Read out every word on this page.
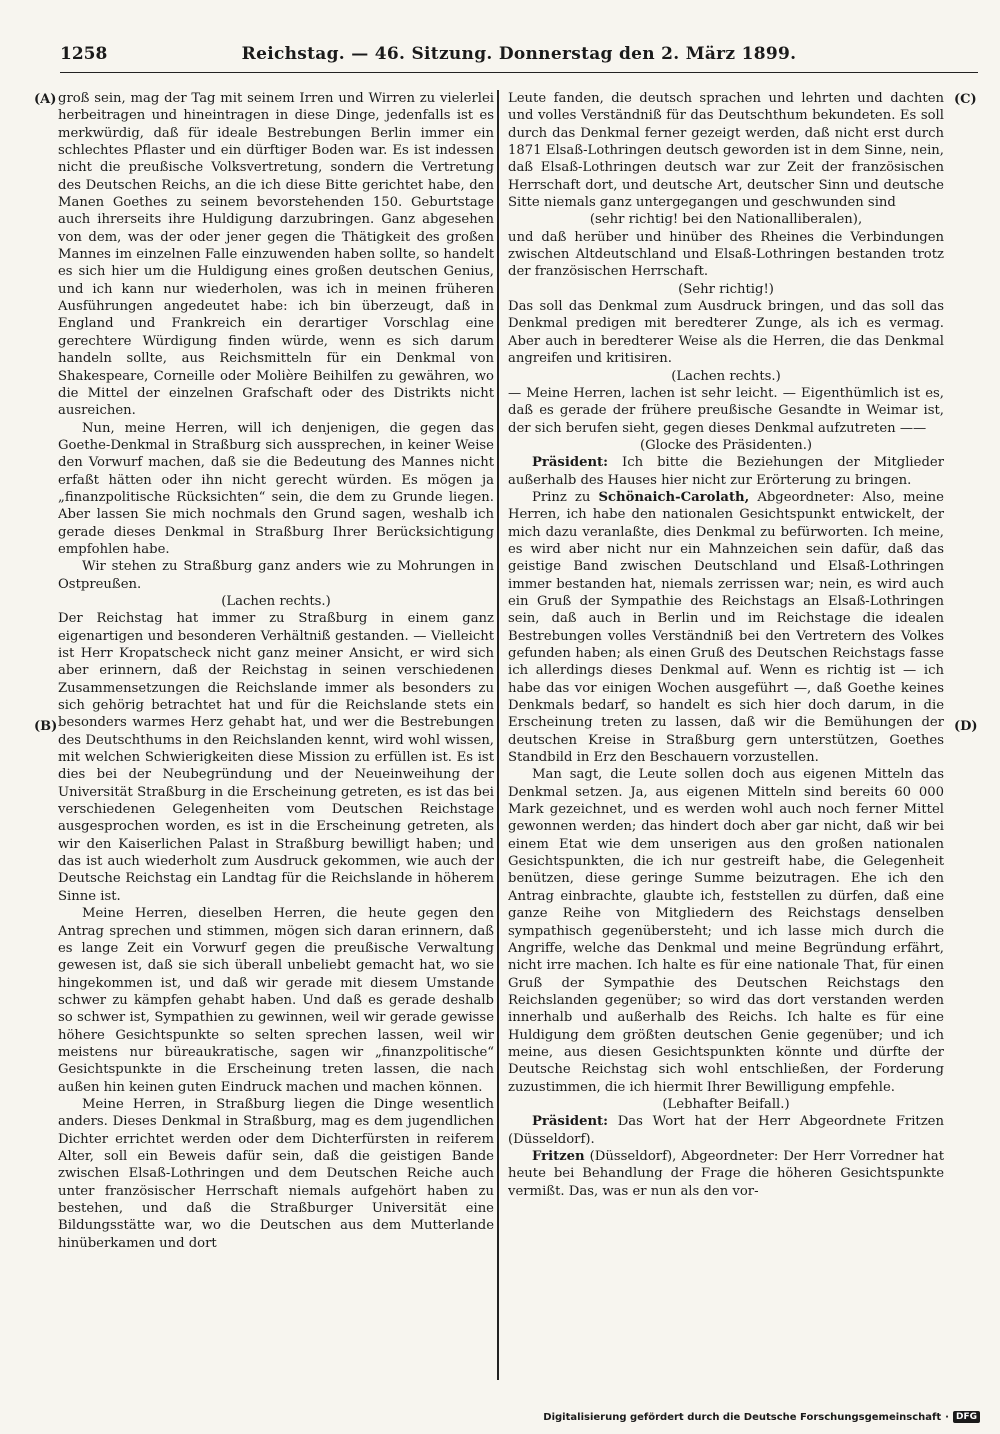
1258	Reichstag. — 46. Sitzung. Donnerstag den 2. März 1899.
(A)
(B)
(C)
(D)

groß sein, mag der Tag mit seinem Irren und Wirren zu vielerlei herbeitragen und hineintragen in diese Dinge, jedenfalls ist es merkwürdig, daß für ideale Bestrebungen Berlin immer ein schlechtes Pflaster und ein dürftiger Boden war. Es ist indessen nicht die preußische Volksvertretung, sondern die Vertretung des Deutschen Reichs, an die ich diese Bitte gerichtet habe, den Manen Goethes zu seinem bevorstehenden 150. Geburtstage auch ihrerseits ihre Huldigung darzubringen. Ganz abgesehen von dem, was der oder jener gegen die Thätigkeit des großen Mannes im einzelnen Falle einzuwenden haben sollte, so handelt es sich hier um die Huldigung eines großen deutschen Genius, und ich kann nur wiederholen, was ich in meinen früheren Ausführungen angedeutet habe: ich bin überzeugt, daß in England und Frankreich ein derartiger Vorschlag eine gerechtere Würdigung finden würde, wenn es sich darum handeln sollte, aus Reichsmitteln für ein Denkmal von Shakespeare, Corneille oder Molière Beihilfen zu gewähren, wo die Mittel der einzelnen Grafschaft oder des Distrikts nicht ausreichen.

Nun, meine Herren, will ich denjenigen, die gegen das Goethe-Denkmal in Straßburg sich aussprechen, in keiner Weise den Vorwurf machen, daß sie die Bedeutung des Mannes nicht erfaßt hätten oder ihn nicht gerecht würden. Es mögen ja „finanzpolitische Rücksichten“ sein, die dem zu Grunde liegen. Aber lassen Sie mich nochmals den Grund sagen, weshalb ich gerade dieses Denkmal in Straßburg Ihrer Berücksichtigung empfohlen habe.

Wir stehen zu Straßburg ganz anders wie zu Mohrungen in Ostpreußen.

(Lachen rechts.)

Der Reichstag hat immer zu Straßburg in einem ganz eigenartigen und besonderen Verhältniß gestanden. — Vielleicht ist Herr Kropatscheck nicht ganz meiner Ansicht, er wird sich aber erinnern, daß der Reichstag in seinen verschiedenen Zusammensetzungen die Reichslande immer als besonders zu sich gehörig betrachtet hat und für die Reichslande stets ein besonders warmes Herz gehabt hat, und wer die Bestrebungen des Deutschthums in den Reichslanden kennt, wird wohl wissen, mit welchen Schwierigkeiten diese Mission zu erfüllen ist. Es ist dies bei der Neubegründung und der Neueinweihung der Universität Straßburg in die Erscheinung getreten, es ist das bei verschiedenen Gelegenheiten vom Deutschen Reichstage ausgesprochen worden, es ist in die Erscheinung getreten, als wir den Kaiserlichen Palast in Straßburg bewilligt haben; und das ist auch wiederholt zum Ausdruck gekommen, wie auch der Deutsche Reichstag ein Landtag für die Reichslande in höherem Sinne ist.

Meine Herren, dieselben Herren, die heute gegen den Antrag sprechen und stimmen, mögen sich daran erinnern, daß es lange Zeit ein Vorwurf gegen die preußische Verwaltung gewesen ist, daß sie sich überall unbeliebt gemacht hat, wo sie hingekommen ist, und daß wir gerade mit diesem Umstande schwer zu kämpfen gehabt haben. Und daß es gerade deshalb so schwer ist, Sympathien zu gewinnen, weil wir gerade gewisse höhere Gesichtspunkte so selten sprechen lassen, weil wir meistens nur büreaukratische, sagen wir „finanzpolitische“ Gesichtspunkte in die Erscheinung treten lassen, die nach außen hin keinen guten Eindruck machen und machen können.

Meine Herren, in Straßburg liegen die Dinge wesentlich anders. Dieses Denkmal in Straßburg, mag es dem jugendlichen Dichter errichtet werden oder dem Dichterfürsten in reiferem Alter, soll ein Beweis dafür sein, daß die geistigen Bande zwischen Elsaß-Lothringen und dem Deutschen Reiche auch unter französischer Herrschaft niemals aufgehört haben zu bestehen, und daß die Straßburger Universität eine Bildungsstätte war, wo die Deutschen aus dem Mutterlande hinüberkamen und dort

Leute fanden, die deutsch sprachen und lehrten und dachten und volles Verständniß für das Deutschthum bekundeten. Es soll durch das Denkmal ferner gezeigt werden, daß nicht erst durch 1871 Elsaß-Lothringen deutsch geworden ist in dem Sinne, nein, daß Elsaß-Lothringen deutsch war zur Zeit der französischen Herrschaft dort, und deutsche Art, deutscher Sinn und deutsche Sitte niemals ganz untergegangen und geschwunden sind

(sehr richtig! bei den Nationalliberalen),

und daß herüber und hinüber des Rheines die Verbindungen zwischen Altdeutschland und Elsaß-Lothringen bestanden trotz der französischen Herrschaft.

(Sehr richtig!)

Das soll das Denkmal zum Ausdruck bringen, und das soll das Denkmal predigen mit beredterer Zunge, als ich es vermag. Aber auch in beredterer Weise als die Herren, die das Denkmal angreifen und kritisiren.

(Lachen rechts.)

— Meine Herren, lachen ist sehr leicht. — Eigenthümlich ist es, daß es gerade der frühere preußische Gesandte in Weimar ist, der sich berufen sieht, gegen dieses Denkmal aufzutreten ——

(Glocke des Präsidenten.)

Präsident: Ich bitte die Beziehungen der Mitglieder außerhalb des Hauses hier nicht zur Erörterung zu bringen.

Prinz zu Schönaich-Carolath, Abgeordneter: Also, meine Herren, ich habe den nationalen Gesichtspunkt entwickelt, der mich dazu veranlaßte, dies Denkmal zu befürworten. Ich meine, es wird aber nicht nur ein Mahnzeichen sein dafür, daß das geistige Band zwischen Deutschland und Elsaß-Lothringen immer bestanden hat, niemals zerrissen war; nein, es wird auch ein Gruß der Sympathie des Reichstags an Elsaß-Lothringen sein, daß auch in Berlin und im Reichstage die idealen Bestrebungen volles Verständniß bei den Vertretern des Volkes gefunden haben; als einen Gruß des Deutschen Reichstags fasse ich allerdings dieses Denkmal auf. Wenn es richtig ist — ich habe das vor einigen Wochen ausgeführt —, daß Goethe keines Denkmals bedarf, so handelt es sich hier doch darum, in die Erscheinung treten zu lassen, daß wir die Bemühungen der deutschen Kreise in Straßburg gern unterstützen, Goethes Standbild in Erz den Beschauern vorzustellen.

Man sagt, die Leute sollen doch aus eigenen Mitteln das Denkmal setzen. Ja, aus eigenen Mitteln sind bereits 60 000 Mark gezeichnet, und es werden wohl auch noch ferner Mittel gewonnen werden; das hindert doch aber gar nicht, daß wir bei einem Etat wie dem unserigen aus den großen nationalen Gesichtspunkten, die ich nur gestreift habe, die Gelegenheit benützen, diese geringe Summe beizutragen. Ehe ich den Antrag einbrachte, glaubte ich, feststellen zu dürfen, daß eine ganze Reihe von Mitgliedern des Reichstags denselben sympathisch gegenübersteht; und ich lasse mich durch die Angriffe, welche das Denkmal und meine Begründung erfährt, nicht irre machen. Ich halte es für eine nationale That, für einen Gruß der Sympathie des Deutschen Reichstags den Reichslanden gegenüber; so wird das dort verstanden werden innerhalb und außerhalb des Reichs. Ich halte es für eine Huldigung dem größten deutschen Genie gegenüber; und ich meine, aus diesen Gesichtspunkten könnte und dürfte der Deutsche Reichstag sich wohl entschließen, der Forderung zuzustimmen, die ich hiermit Ihrer Bewilligung empfehle.

(Lebhafter Beifall.)

Präsident: Das Wort hat der Herr Abgeordnete Fritzen (Düsseldorf).

Fritzen (Düsseldorf), Abgeordneter: Der Herr Vorredner hat heute bei Behandlung der Frage die höheren Gesichtspunkte vermißt. Das, was er nun als den vor-

Digitalisierung gefördert durch die Deutsche Forschungsgemeinschaft · DFG
